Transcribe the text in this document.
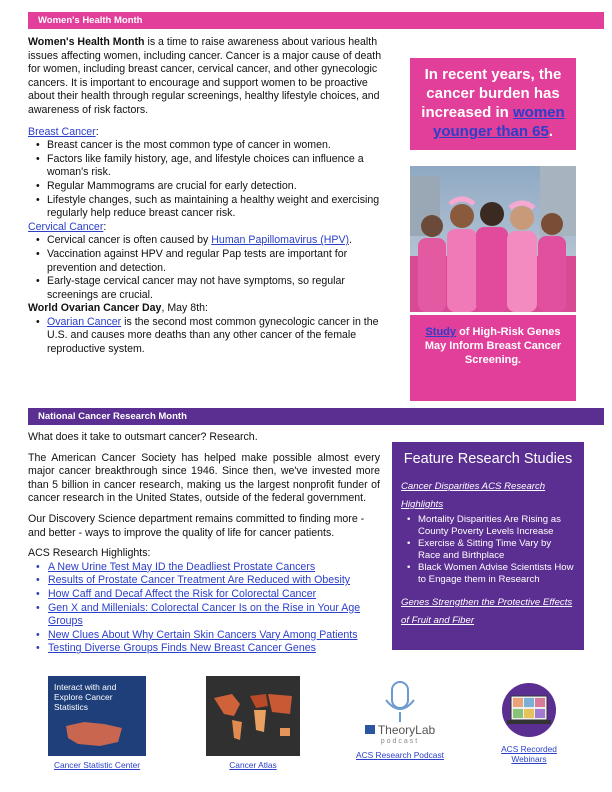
Women's Health Month

Women's Health Month is a time to raise awareness about various health issues affecting women, including cancer. Cancer is a major cause of death for women, including breast cancer, cervical cancer, and other gynecologic cancers. It is important to encourage and support women to be proactive about their health through regular screenings, healthy lifestyle choices, and awareness of risk factors.

Breast Cancer:
• Breast cancer is the most common type of cancer in women.
• Factors like family history, age, and lifestyle choices can influence a woman's risk.
• Regular Mammograms are crucial for early detection.
• Lifestyle changes, such as maintaining a healthy weight and exercising regularly help reduce breast cancer risk.
Cervical Cancer:
• Cervical cancer is often caused by Human Papillomavirus (HPV).
• Vaccination against HPV and regular Pap tests are important for prevention and detection.
• Early-stage cervical cancer may not have symptoms, so regular screenings are crucial.
World Ovarian Cancer Day, May 8th:
• Ovarian Cancer is the second most common gynecologic cancer in the U.S. and causes more deaths than any other cancer of the female reproductive system.
In recent years, the cancer burden has increased in women younger than 65.
Study of High-Risk Genes May Inform Breast Cancer Screening.
National Cancer Research Month

What does it take to outsmart cancer? Research.

The American Cancer Society has helped make possible almost every major cancer breakthrough since 1946. Since then, we've invested more than 5 billion in cancer research, making us the largest nonprofit funder of cancer research in the United States, outside of the federal government.

Our Discovery Science department remains committed to finding more - and better - ways to improve the quality of life for cancer patients.

ACS Research Highlights:
• A New Urine Test May ID the Deadliest Prostate Cancers
• Results of Prostate Cancer Treatment Are Reduced with Obesity
• How Caff and Decaf Affect the Risk for Colorectal Cancer
• Gen X and Millenials: Colorectal Cancer Is on the Rise in Your Age Groups
• New Clues About Why Certain Skin Cancers Vary Among Patients
• Testing Diverse Groups Finds New Breast Cancer Genes
Feature Research Studies
Cancer Disparities ACS Research Highlights
• Mortality Disparities Are Rising as County Poverty Levels Increase
• Exercise & Sitting Time Vary by Race and Birthplace
• Black Women Advise Scientists How to Engage them in Research
Genes Strengthen the Protective Effects of Fruit and Fiber
Interact with and Explore Cancer Statistics
Cancer Statistic Center	Cancer Atlas
TheoryLab
podcast
ACS Research Podcast
ACS Recorded Webinars
